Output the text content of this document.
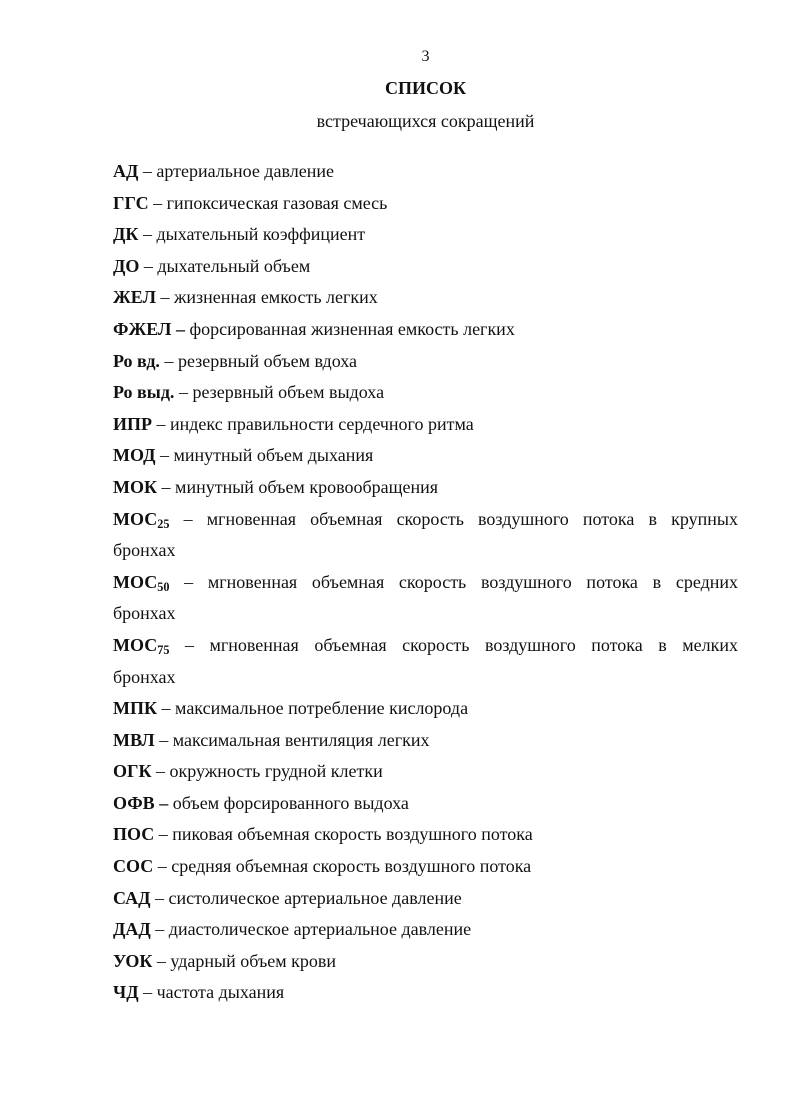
3
СПИСОК
встречающихся сокращений
АД – артериальное давление
ГГС – гипоксическая газовая смесь
ДК – дыхательный коэффициент
ДО – дыхательный объем
ЖЕЛ – жизненная емкость легких
ФЖЕЛ – форсированная жизненная емкость легких
Ро вд. – резервный объем вдоха
Ро выд. – резервный объем выдоха
ИПР – индекс правильности сердечного ритма
МОД – минутный объем дыхания
МОК – минутный объем кровообращения
$МОС_{25}$ – мгновенная объемная скорость воздушного потока в крупных
бронхах
$МОС_{50}$ – мгновенная объемная скорость воздушного потока в средних
бронхах
$МОС_{75}$ – мгновенная объемная скорость воздушного потока в мелких
бронхах
МПК – максимальное потребление кислорода
МВЛ – максимальная вентиляция легких
ОГК – окружность грудной клетки
ОФВ – объем форсированного выдоха
ПОС – пиковая объемная скорость воздушного потока
СОС – средняя объемная скорость воздушного потока
САД – систолическое артериальное давление
ДАД – диастолическое артериальное давление
УОК – ударный объем крови
ЧД – частота дыхания
